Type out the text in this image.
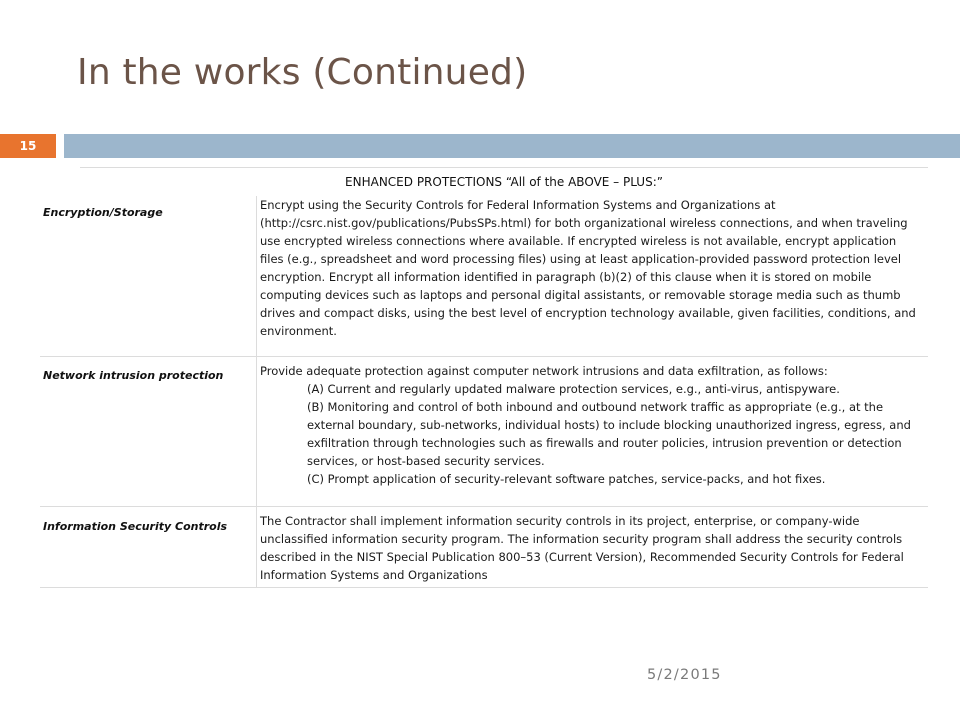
In the works (Continued)
15
ENHANCED PROTECTIONS “All of the ABOVE – PLUS:”
Encryption/Storage

Encrypt using the Security Controls for Federal Information Systems and Organizations at (http://csrc.nist.gov/publications/PubsSPs.html) for both organizational wireless connections, and when traveling use encrypted wireless connections where available. If encrypted wireless is not available, encrypt application files (e.g., spreadsheet and word processing files) using at least application-provided password protection level encryption. Encrypt all information identified in paragraph (b)(2) of this clause when it is stored on mobile computing devices such as laptops and personal digital assistants, or removable storage media such as thumb drives and compact disks, using the best level of encryption technology available, given facilities, conditions, and environment.

Network intrusion protection	Provide adequate protection against computer network intrusions and data exfiltration, as follows:

(A) Current and regularly updated malware protection services, e.g., anti-virus, antispyware.

(B) Monitoring and control of both inbound and outbound network traffic as appropriate (e.g., at the external boundary, sub-networks, individual hosts) to include blocking unauthorized ingress, egress, and exfiltration through technologies such as firewalls and router policies, intrusion prevention or detection services, or host-based security services.

(C) Prompt application of security-relevant software patches, service-packs, and hot fixes.

Information Security Controls	The Contractor shall implement information security controls in its project, enterprise, or company-wide unclassified information security program. The information security program shall address the security controls described in the NIST Special Publication 800–53 (Current Version), Recommended Security Controls for Federal Information Systems and Organizations

5/2/2015
